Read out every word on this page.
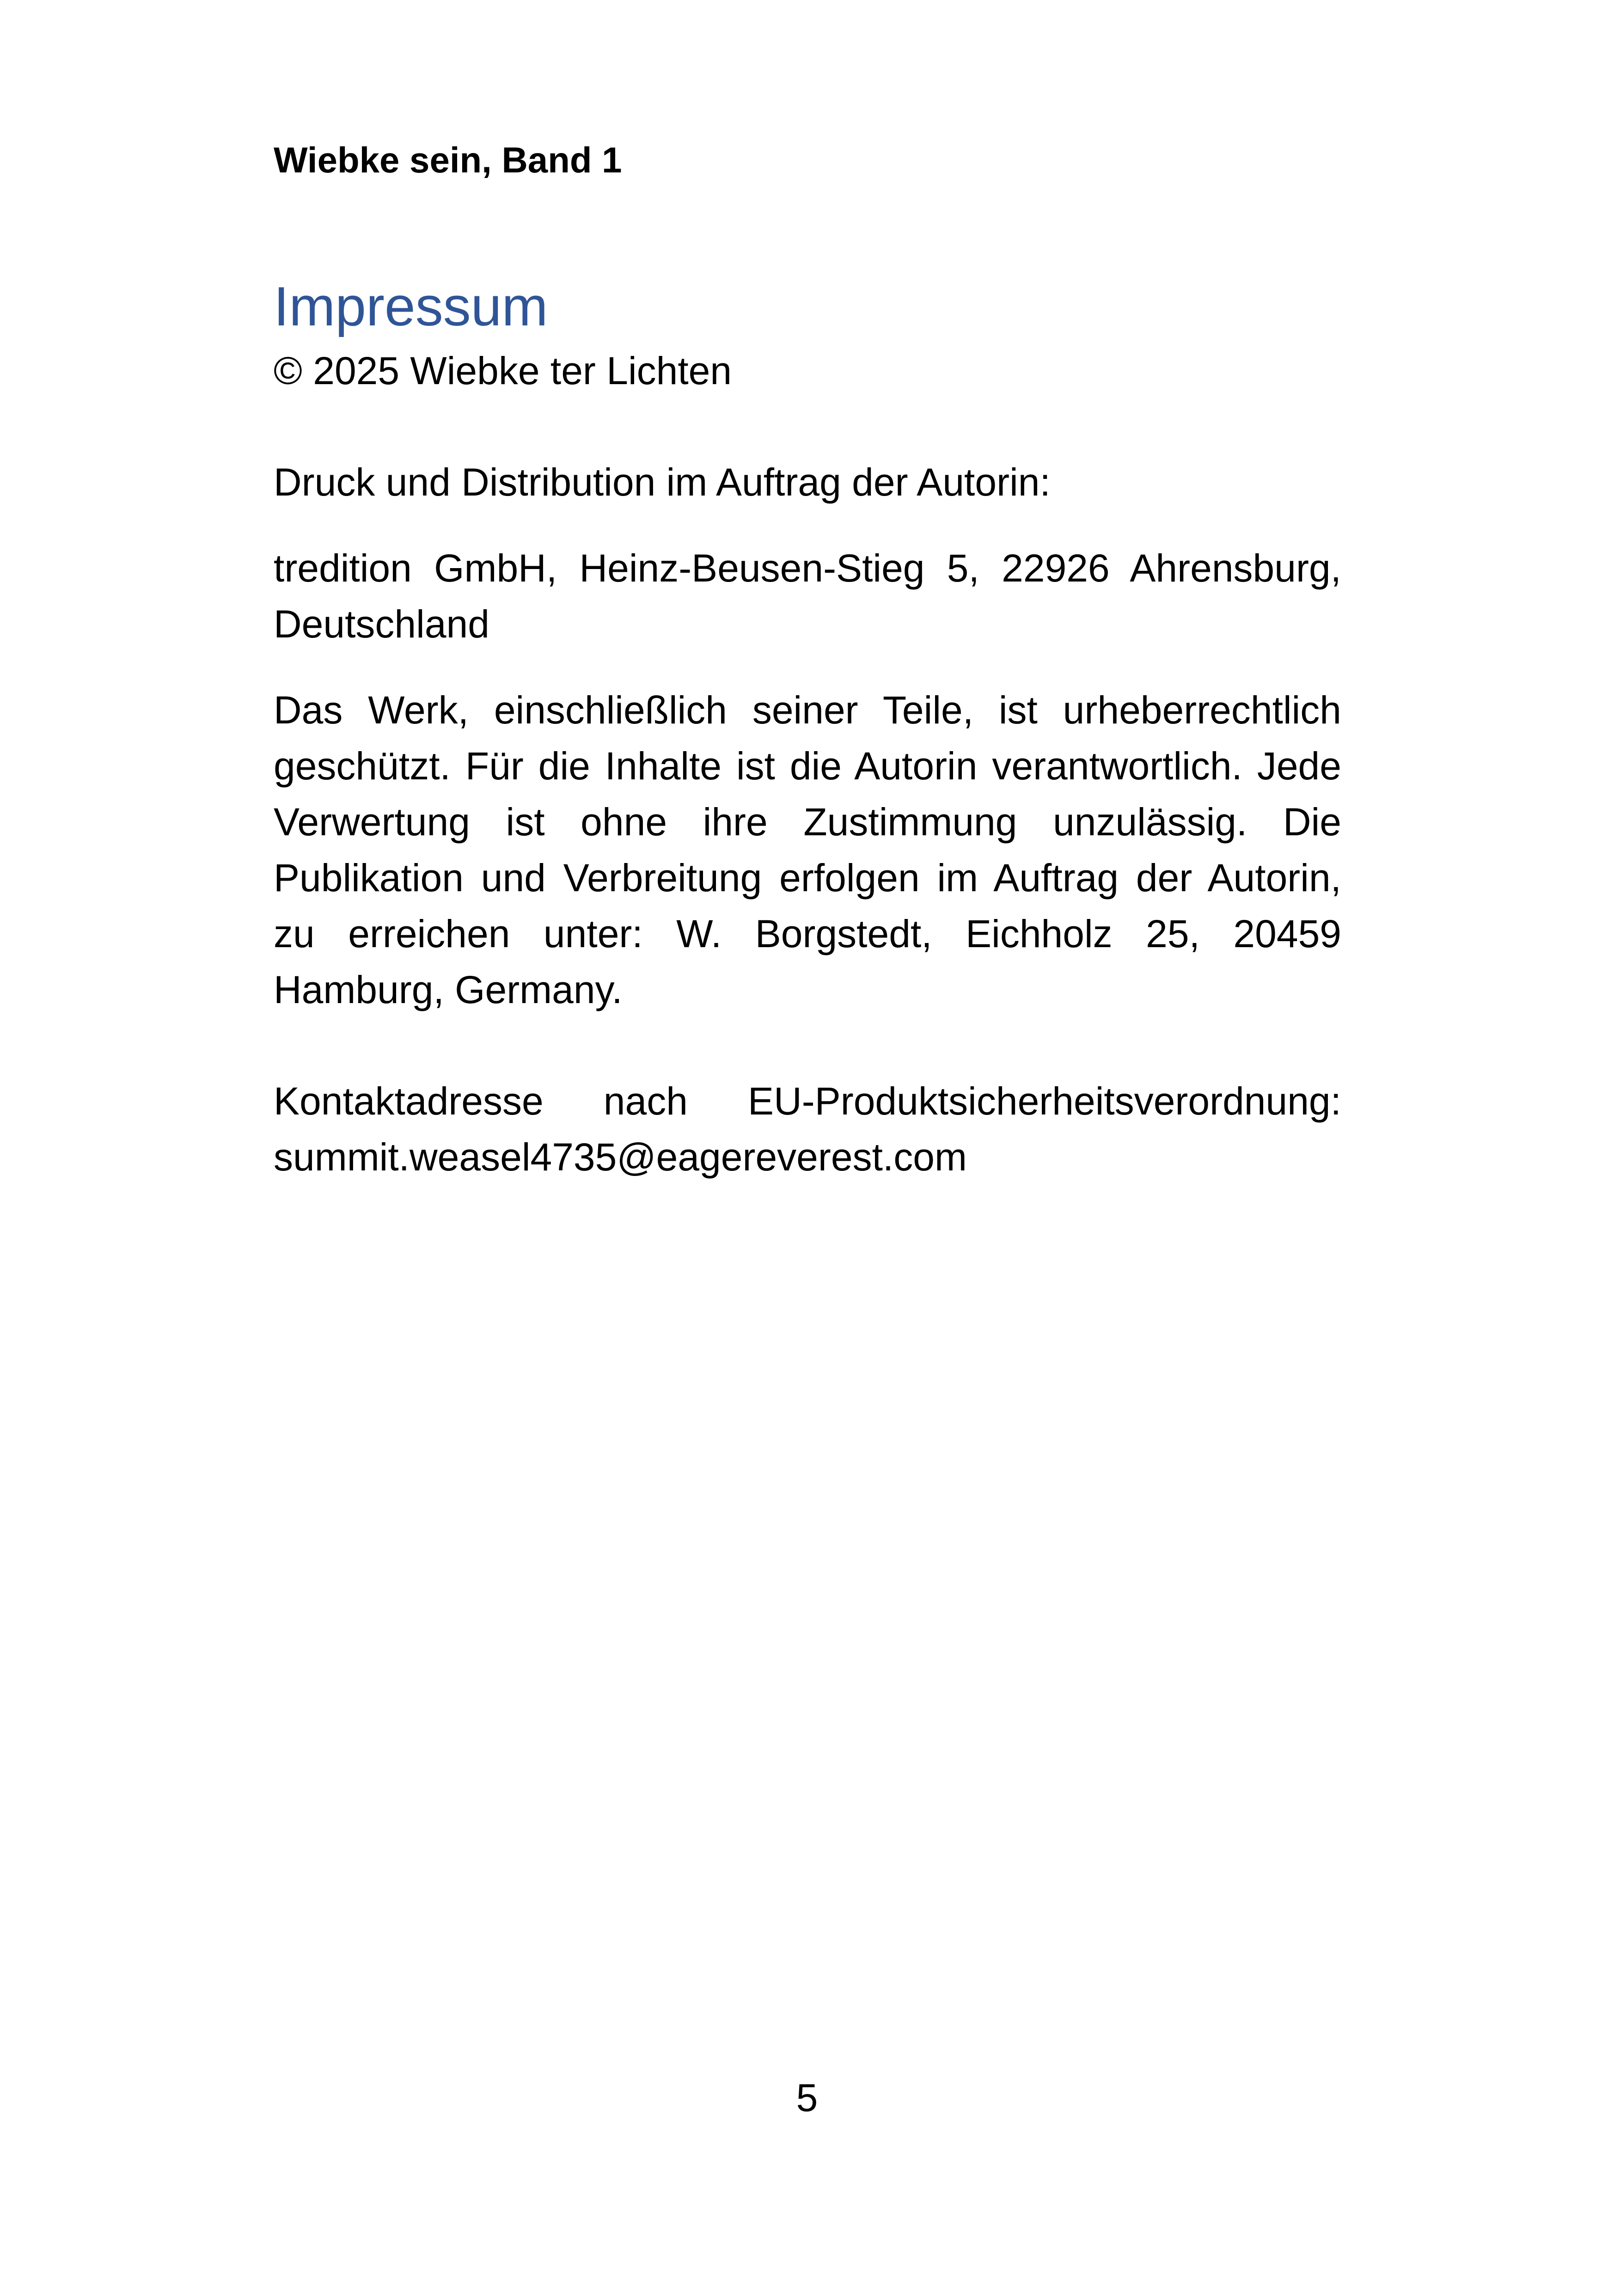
Wiebke sein, Band 1

Impressum

© 2025 Wiebke ter Lichten

Druck und Distribution im Auftrag der Autorin:

tredition GmbH, Heinz-Beusen-Stieg 5, 22926 Ahrensburg, Deutschland

Das Werk, einschließlich seiner Teile, ist urheberrechtlich geschützt. Für die Inhalte ist die Autorin verantwortlich. Jede Verwertung ist ohne ihre Zustimmung unzulässig. Die Publikation und Verbreitung erfolgen im Auftrag der Autorin, zu erreichen unter: W. Borgstedt, Eichholz 25, 20459 Hamburg, Germany.

Kontaktadresse nach EU-Produktsicherheitsverordnung: summit.weasel4735@eagereverest.com

5
